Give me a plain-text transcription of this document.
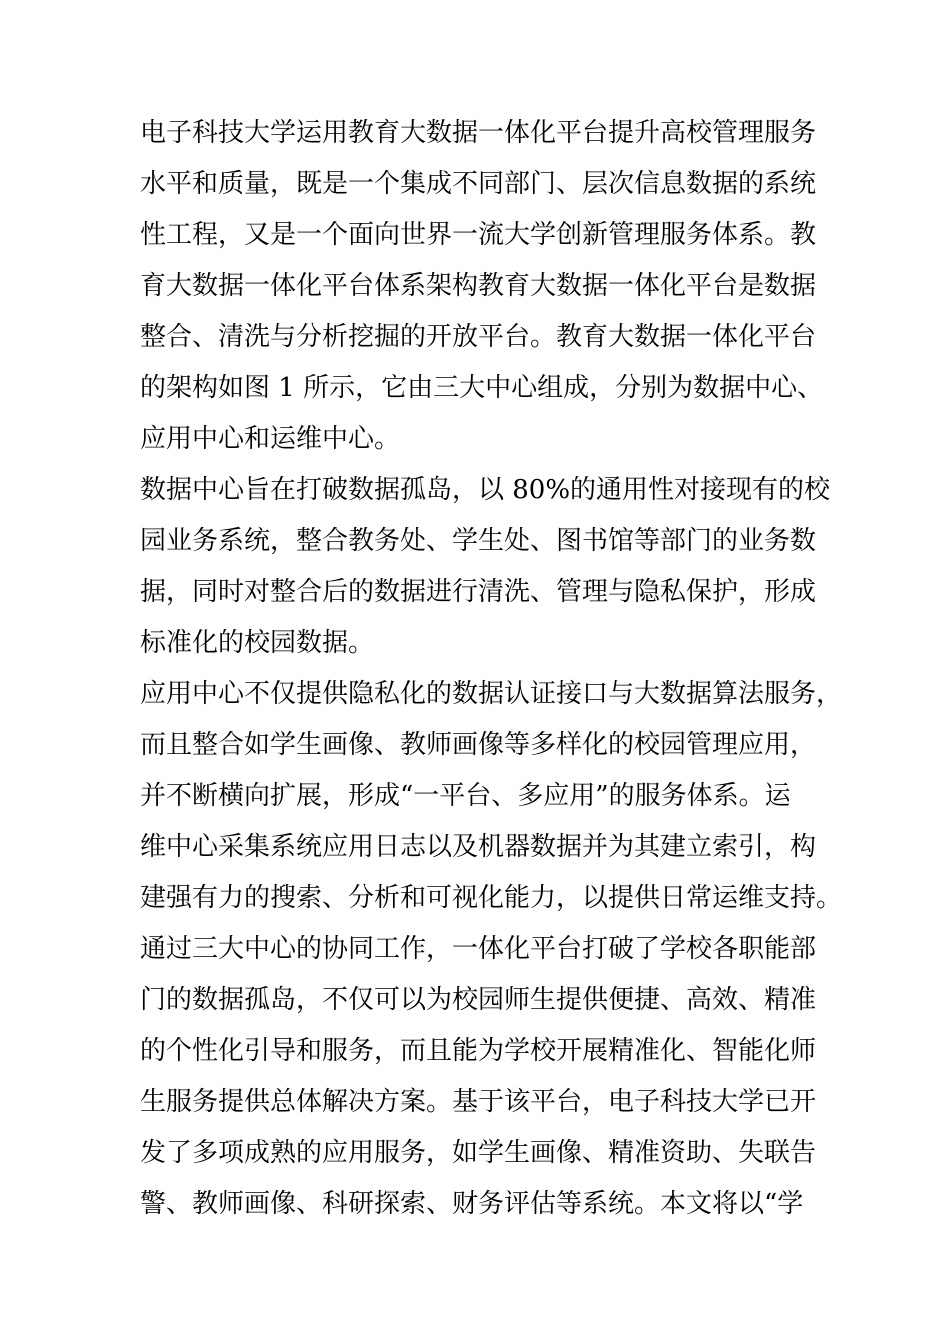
电子科技大学运用教育大数据一体化平台提升高校管理服务
水平和质量，既是一个集成不同部门、层次信息数据的系统
性工程，又是一个面向世界一流大学创新管理服务体系。教
育大数据一体化平台体系架构教育大数据一体化平台是数据
整合、清洗与分析挖掘的开放平台。教育大数据一体化平台
的架构如图 1 所示，它由三大中心组成，分别为数据中心、
应用中心和运维中心。
数据中心旨在打破数据孤岛，以 80%的通用性对接现有的校
园业务系统，整合教务处、学生处、图书馆等部门的业务数
据，同时对整合后的数据进行清洗、管理与隐私保护，形成
标准化的校园数据。
应用中心不仅提供隐私化的数据认证接口与大数据算法服务，
而且整合如学生画像、教师画像等多样化的校园管理应用，
并不断横向扩展，形成“一平台、多应用”的服务体系。运
维中心采集系统应用日志以及机器数据并为其建立索引，构
建强有力的搜索、分析和可视化能力，以提供日常运维支持。
通过三大中心的协同工作，一体化平台打破了学校各职能部
门的数据孤岛，不仅可以为校园师生提供便捷、高效、精准
的个性化引导和服务，而且能为学校开展精准化、智能化师
生服务提供总体解决方案。基于该平台，电子科技大学已开
发了多项成熟的应用服务，如学生画像、精准资助、失联告
警、教师画像、科研探索、财务评估等系统。本文将以“学
